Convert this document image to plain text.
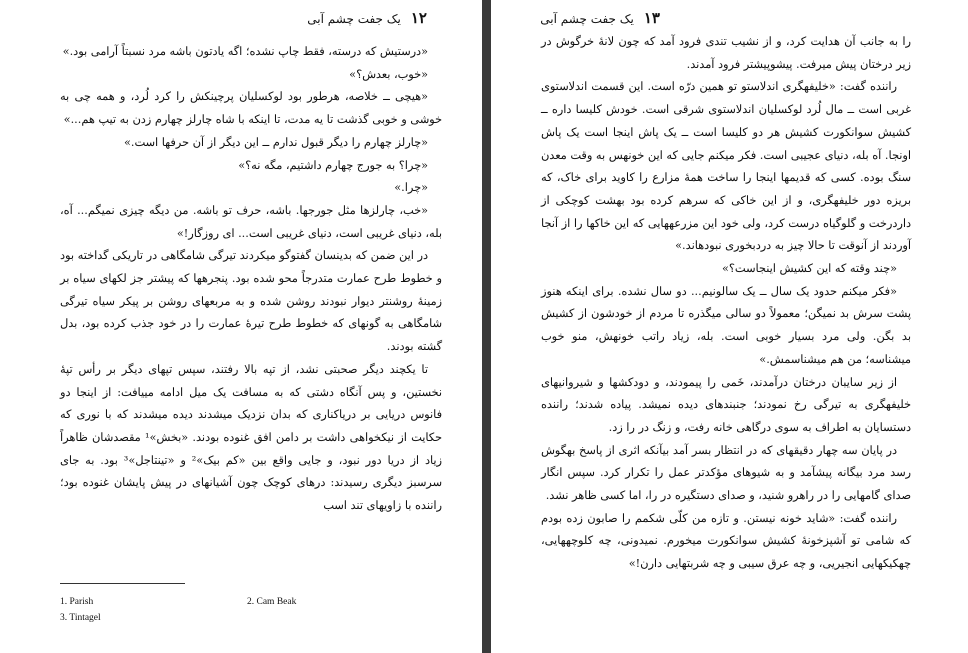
۱۲
یک جفت چشم آبی

«درستیش که درسته، فقط چاپ نشده؛ اگه یادتون باشه مرد نسبتاً آرامی بود.»

«خوب، بعدش؟»

«هیچی ــ خلاصه، هرطور بود لوکسلیان پرچینکش را کرد لُرد، و همه چی به خوشی و خوبی گذشت تا یه مدت، تا اینکه با شاه چارلز چهارم زدن به تیپ هم...»

«چارلز چهارم را دیگر قبول ندارم ــ این دیگر از آن حرفها است.»

«چرا؟ به جورج چهارم داشتیم، مگه نه؟»

«چرا.»

«خب، چارلزها مثل جورجها. باشه، حرف تو باشه. من دیگه چیزی نمیگم... آه، بله، دنیای غریبی است، دنیای غریبی است... ای روزگار!»

در این ضمن که بدینسان گفتوگو میکردند تیرگی شامگاهی در تاریکی گداخته بود و خطوط طرح عمارت متدرجاً محو شده بود. پنجرهها که پیشتر جز لکهای سیاه بر زمینهٔ روشنتر دیوار نبودند روشن شده و به مربعهای روشن بر پیکر سیاه تیرگی شامگاهی به گونهای که خطوط طرح تیرهٔ عمارت را در خود جذب کرده بود، بدل گشته بودند.

تا یکچند دیگر صحبتی نشد، از تپه بالا رفتند، سپس تپهای دیگر بر رأس تپهٔ نخستین، و پس آنگاه دشتی که به مسافت یک میل ادامه مییافت: از اینجا دو فانوس دریایی بر دریاکناری که بدان نزدیک میشدند دیده میشدند که با نوری که حکایت از نیکخواهی داشت بر دامن افق غنوده بودند. «بخش»¹ مقصدشان ظاهراً زیاد از دریا دور نبود، و جایی واقع بین «کم بیک»² و «تینتاجل»³ بود. به جای سرسبز دیگری رسیدند: درهای کوچک چون آشیانهای در پیش پایشان غنوده بود؛ راننده با زاویهای تند اسب

1. Parish	2. Cam Beak
3. Tintagel
۱۳
یک جفت چشم آبی

را به جانب آن هدایت کرد، و از نشیب تندی فرود آمد که چون لانهٔ خرگوش در زیر درختان پیش میرفت. پیشوپیشتر فرود آمدند.

راننده گفت: «خلیفهگری اندلاستو تو همین درّه است. این قسمت اندلاستوی غربی است ــ مال لُرد لوکسلیان اندلاستوی شرقی است. خودش کلیسا داره ــ کشیش سوانکورت کشیش هر دو کلیسا است ــ یک پاش اینجا است یک پاش اونجا. آه بله، دنیای عجیبی است. فکر میکنم جایی که این خونهس به وقت معدن سنگ بوده. کسی که قدیمها اینجا را ساخت همهٔ مزارع را کاوید برای خاک، که بریزه دور خلیفهگری، و از این خاکی که سرهم کرده بود بهشت کوچکی از داردرخت و گلوگیاه درست کرد، ولی خود این مزرعههایی که این خاکها را از آنجا آوردند از آنوقت تا حالا چیز به دردبخوری نبودهاند.»

«چند وقته که این کشیش اینجاست؟»

«فکر میکنم حدود یک سال ــ یک سالونیم... دو سال نشده. برای اینکه هنوز پشت سرش بد نمیگن؛ معمولاً دو سالی میگذره تا مردم از خودشون از کشیش بد بگن. ولی مرد بسیار خوبی است. بله، زیاد راتب خونهش، منو خوب میشناسه؛ من هم میشناسمش.»

از زیر سایبان درختان درآمدند، خَمی را پیمودند، و دودکشها و شیروانیهای خلیفهگری به تیرگی رخ نمودند؛ جنبندهای دیده نمیشد. پیاده شدند؛ راننده دستسایان به اطراف به سوی درگاهی خانه رفت، و زنگ در را زد.

در پایان سه چهار دقیقهای که در انتظار بسر آمد بیآنکه اثری از پاسخ بهگوش رسد مرد بیگانه پیشآمد و به شیوهای مؤکدتر عمل را تکرار کرد. سپس انگار صدای گامهایی را در راهرو شنید، و صدای دستگیره در را، اما کسی ظاهر نشد.

راننده گفت: «شاید خونه نیستن. و تازه من کلّی شکمم را صابون زده بودم که شامی تو آشپزخونهٔ کشیش سوانکورت میخورم. نمیدونی، چه کلوچههایی، چهکیکهایی انجیریی، و چه عرق سیبی و چه شربتهایی دارن!»
